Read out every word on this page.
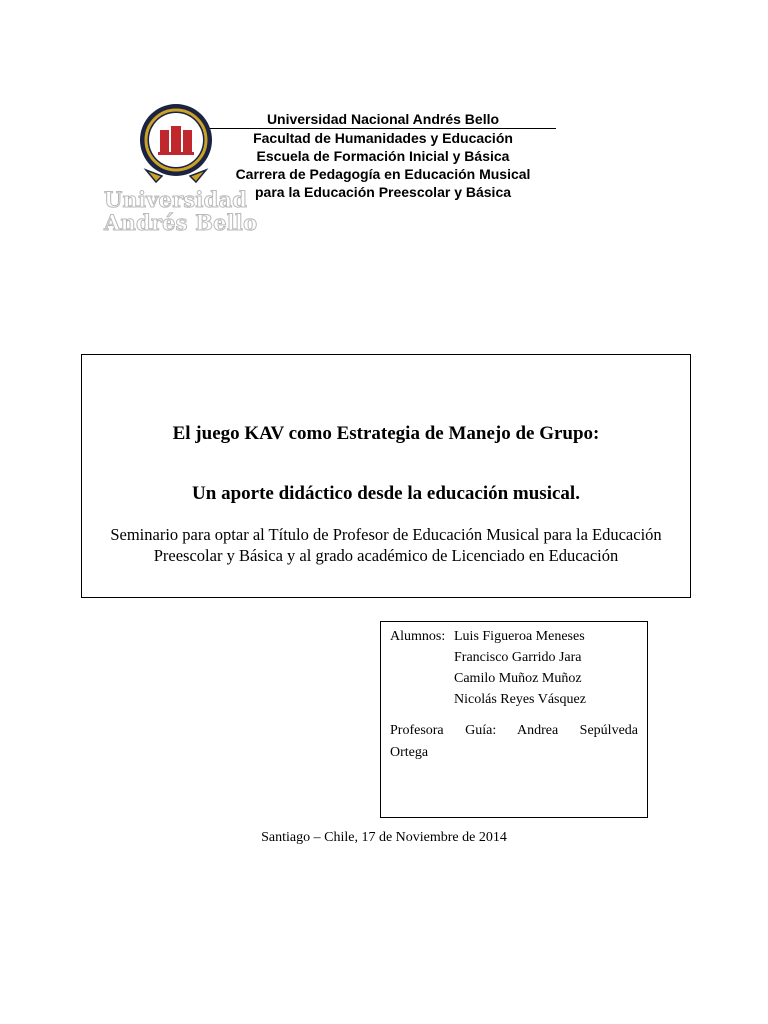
Universidad
Andrés Bello
Universidad Nacional Andrés Bello
Facultad de Humanidades y Educación
Escuela de Formación Inicial y Básica
Carrera de Pedagogía en Educación Musical
para la Educación Preescolar y Básica
El juego KAV como Estrategia de Manejo de Grupo:
Un aporte didáctico desde la educación musical.
Seminario para optar al Título de Profesor de Educación Musical para la Educación
Preescolar y Básica y al grado académico de Licenciado en Educación
Alumnos: Luis Figueroa Meneses
Francisco Garrido Jara
Camilo Muñoz Muñoz
Nicolás Reyes Vásquez
Profesora Guía: Andrea Sepúlveda
Ortega
Santiago – Chile, 17 de Noviembre de 2014
